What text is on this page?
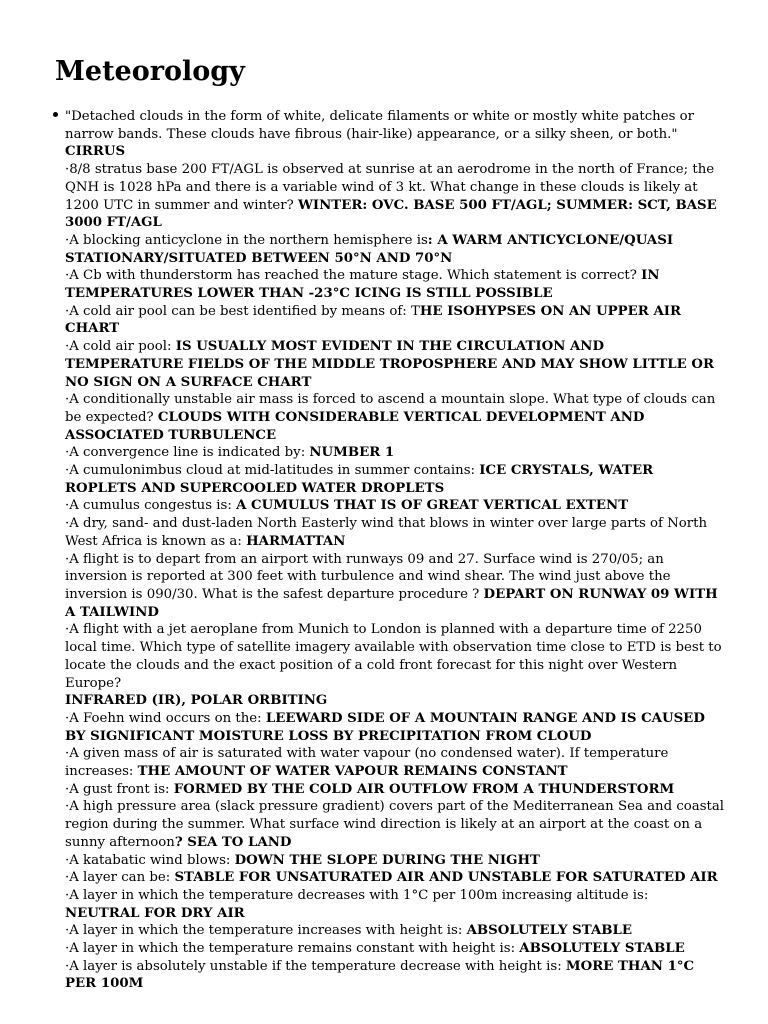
Meteorology
"Detached clouds in the form of white, delicate filaments or white or mostly white patches or narrow bands. These clouds have fibrous (hair-like) appearance, or a silky sheen, or both."
CIRRUS
·8/8 stratus base 200 FT/AGL is observed at sunrise at an aerodrome in the north of France; the QNH is 1028 hPa and there is a variable wind of 3 kt. What change in these clouds is likely at 1200 UTC in summer and winter? WINTER: OVC. BASE 500 FT/AGL; SUMMER: SCT, BASE 3000 FT/AGL
·A blocking anticyclone in the northern hemisphere is: A WARM ANTICYCLONE/QUASI STATIONARY/SITUATED BETWEEN 50°N AND 70°N
·A Cb with thunderstorm has reached the mature stage. Which statement is correct? IN TEMPERATURES LOWER THAN -23°C ICING IS STILL POSSIBLE
·A cold air pool can be best identified by means of: THE ISOHYPSES ON AN UPPER AIR CHART
·A cold air pool: IS USUALLY MOST EVIDENT IN THE CIRCULATION AND TEMPERATURE FIELDS OF THE MIDDLE TROPOSPHERE AND MAY SHOW LITTLE OR NO SIGN ON A SURFACE CHART
·A conditionally unstable air mass is forced to ascend a mountain slope. What type of clouds can be expected? CLOUDS WITH CONSIDERABLE VERTICAL DEVELOPMENT AND ASSOCIATED TURBULENCE
·A convergence line is indicated by: NUMBER 1
·A cumulonimbus cloud at mid-latitudes in summer contains: ICE CRYSTALS, WATER ROPLETS AND SUPERCOOLED WATER DROPLETS
·A cumulus congestus is: A CUMULUS THAT IS OF GREAT VERTICAL EXTENT
·A dry, sand- and dust-laden North Easterly wind that blows in winter over large parts of North West Africa is known as a: HARMATTAN
·A flight is to depart from an airport with runways 09 and 27. Surface wind is 270/05; an inversion is reported at 300 feet with turbulence and wind shear. The wind just above the inversion is 090/30. What is the safest departure procedure ? DEPART ON RUNWAY 09 WITH A TAILWIND
·A flight with a jet aeroplane from Munich to London is planned with a departure time of 2250 local time. Which type of satellite imagery available with observation time close to ETD is best to locate the clouds and the exact position of a cold front forecast for this night over Western Europe?
INFRARED (IR), POLAR ORBITING
·A Foehn wind occurs on the: LEEWARD SIDE OF A MOUNTAIN RANGE AND IS CAUSED BY SIGNIFICANT MOISTURE LOSS BY PRECIPITATION FROM CLOUD
·A given mass of air is saturated with water vapour (no condensed water). If temperature increases: THE AMOUNT OF WATER VAPOUR REMAINS CONSTANT
·A gust front is: FORMED BY THE COLD AIR OUTFLOW FROM A THUNDERSTORM
·A high pressure area (slack pressure gradient) covers part of the Mediterranean Sea and coastal region during the summer. What surface wind direction is likely at an airport at the coast on a sunny afternoon? SEA TO LAND
·A katabatic wind blows: DOWN THE SLOPE DURING THE NIGHT
·A layer can be: STABLE FOR UNSATURATED AIR AND UNSTABLE FOR SATURATED AIR
·A layer in which the temperature decreases with 1°C per 100m increasing altitude is: NEUTRAL FOR DRY AIR
·A layer in which the temperature increases with height is: ABSOLUTELY STABLE
·A layer in which the temperature remains constant with height is: ABSOLUTELY STABLE
·A layer is absolutely unstable if the temperature decrease with height is: MORE THAN 1°C PER 100M
